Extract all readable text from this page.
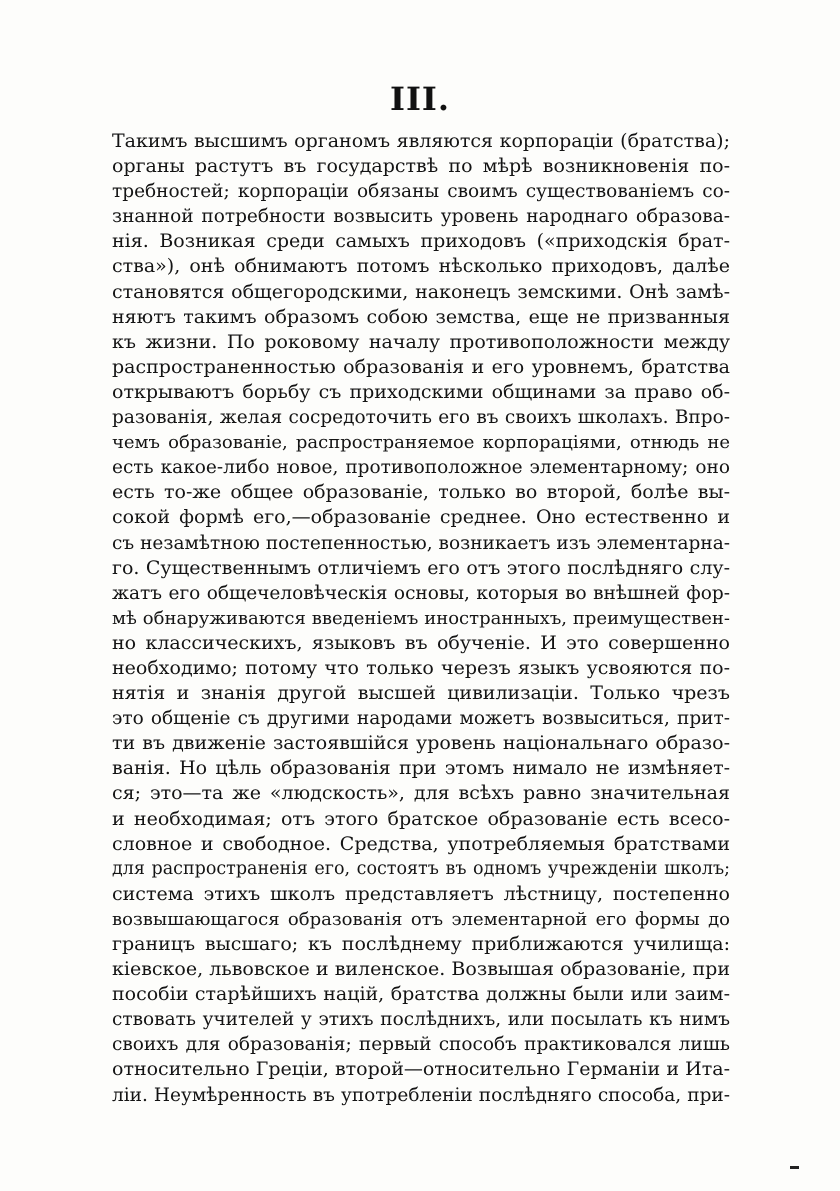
III.
Такимъ высшимъ органомъ являются корпораціи (братства);
органы растутъ въ государствѣ по мѣрѣ возникновенія по-
требностей; корпораціи обязаны своимъ существованіемъ со-
знанной потребности возвысить уровень народнаго образова-
нія. Возникая среди самыхъ приходовъ («приходскія брат-
ства»), онѣ обнимаютъ потомъ нѣсколько приходовъ, далѣе
становятся общегородскими, наконецъ земскими. Онѣ замѣ-
няютъ такимъ образомъ собою земства, еще не призванныя
къ жизни. По роковому началу противоположности между
распространенностью образованія и его уровнемъ, братства
открываютъ борьбу съ приходскими общинами за право об-
разованія, желая сосредоточить его въ своихъ школахъ. Впро-
чемъ образованіе, распространяемое корпораціями, отнюдь не
есть какое-либо новое, противоположное элементарному; оно
есть то-же общее образованіе, только во второй, болѣе вы-
сокой формѣ его,—образованіе среднее. Оно естественно и
съ незамѣтною постепенностью, возникаетъ изъ элементарна-
го. Существеннымъ отличіемъ его отъ этого послѣдняго слу-
жатъ его общечеловѣческія основы, которыя во внѣшней фор-
мѣ обнаруживаются введеніемъ иностранныхъ, преимуществен-
но классическихъ, языковъ въ обученіе. И это совершенно
необходимо; потому что только черезъ языкъ усвояются по-
нятія и знанія другой высшей цивилизаціи. Только чрезъ
это общеніе съ другими народами можетъ возвыситься, прит-
ти въ движеніе застоявшійся уровень національнаго образо-
ванія. Но цѣль образованія при этомъ нимало не измѣняет-
ся; это—та же «людскость», для всѣхъ равно значительная
и необходимая; отъ этого братское образованіе есть всесо-
словное и свободное. Средства, употребляемыя братствами
для распространенія его, состоятъ въ одномъ учрежденіи школъ;
система этихъ школъ представляетъ лѣстницу, постепенно
возвышающагося образованія отъ элементарной его формы до
границъ высшаго; къ послѣднему приближаются училища:
кіевское, львовское и виленское. Возвышая образованіе, при
пособіи старѣйшихъ націй, братства должны были или заим-
ствовать учителей у этихъ послѣднихъ, или посылать къ нимъ
своихъ для образованія; первый способъ практиковался лишь
относительно Греціи, второй—относительно Германіи и Ита-
ліи. Неумѣренность въ употребленіи послѣдняго способа, при-
